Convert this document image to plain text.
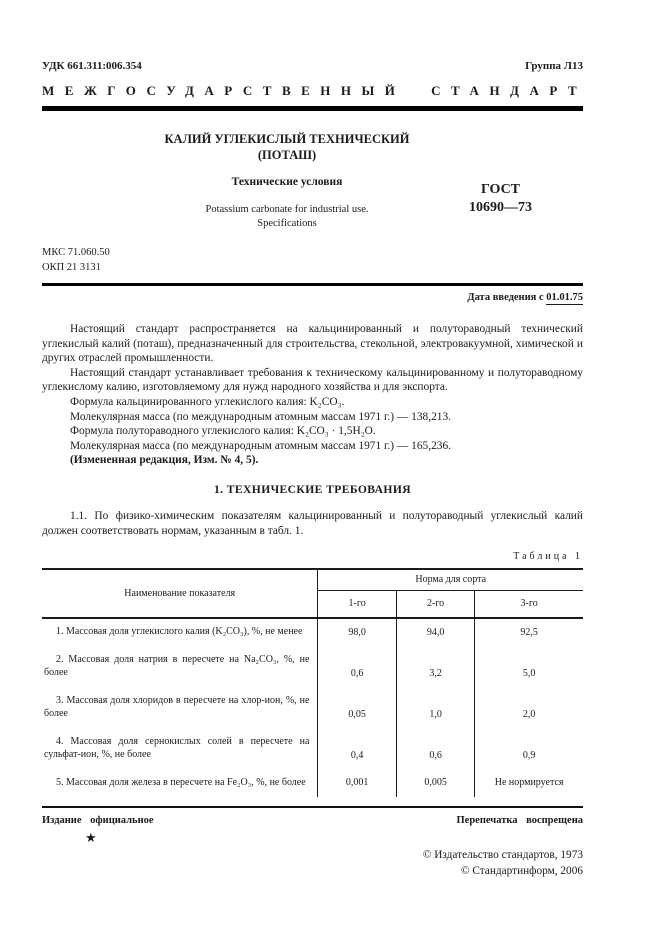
УДК 661.311:006.354	Группа Л13
МЕЖГОСУДАРСТВЕННЫЙ СТАНДАРТ
КАЛИЙ УГЛЕКИСЛЫЙ ТЕХНИЧЕСКИЙ
(ПОТАШ)
Технические условия
Potassium carbonate for industrial use.
Specifications
ГОСТ
10690—73
МКС 71.060.50
ОКП 21 3131
Дата введения с 01.01.75

Настоящий стандарт распространяется на кальцинированный и полутораводный технический углекислый калий (поташ), предназначенный для строительства, стекольной, электровакуумной, химической и других отраслей промышленности.

Настоящий стандарт устанавливает требования к техническому кальцинированному и полутораводному углекислому калию, изготовляемому для нужд народного хозяйства и для экспорта.

Формула кальцинированного углекислого калия: K₂CO₃.

Молекулярная масса (по международным атомным массам 1971 г.) — 138,213.

Формула полутораводного углекислого калия: K₂CO₃ · 1,5H₂O.

Молекулярная масса (по международным атомным массам 1971 г.) — 165,236.

(Измененная редакция, Изм. № 4, 5).

1. ТЕХНИЧЕСКИЕ ТРЕБОВАНИЯ

1.1. По физико-химическим показателям кальцинированный и полутораводный углекислый калий должен соответствовать нормам, указанным в табл. 1.

Таблица 1
Наименование показателя	Норма для сорта		
	1-го	2-го	3-го
1. Массовая доля углекислого калия (K₂CO₃), %, не менее	98,0	94,0	92,5
2. Массовая доля натрия в пересчете на Na₂CO₃, %, не более	0,6	3,2	5,0
3. Массовая доля хлоридов в пересчете на хлор-ион, %, не более	0,05	1,0	2,0
4. Массовая доля сернокислых солей в пересчете на сульфат-ион, %, не более	0,4	0,6	0,9
5. Массовая доля железа в пересчете на Fe₂O₃, %, не более	0,001	0,005	Не нормируется
Издание официальное	Перепечатка воспрещена
★
© Издательство стандартов, 1973
© Стандартинформ, 2006
